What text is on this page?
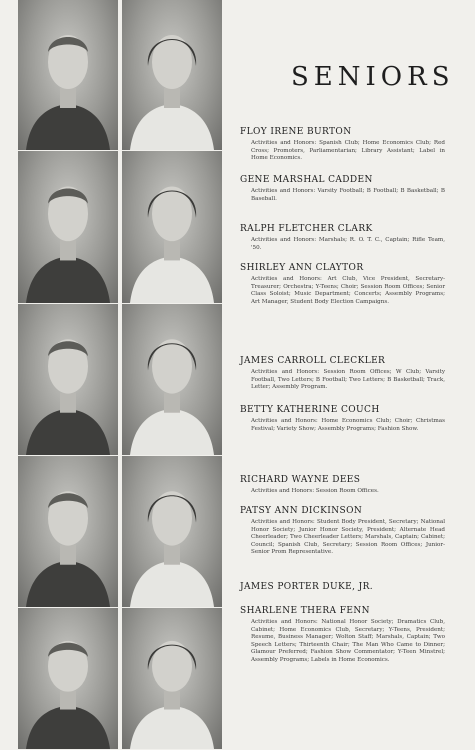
SENIORS

FLOY IRENE BURTON

Activities and Honors: Spanish Club; Home Economics Club; Red Cross; Promoters, Parliamentarian; Library Assistant; Label in Home Economics.

GENE MARSHAL CADDEN

Activities and Honors: Varsity Football; B Football; B Basketball; B Baseball.

RALPH FLETCHER CLARK

Activities and Honors: Marshals; R. O. T. C., Captain; Rifle Team, '50.

SHIRLEY ANN CLAYTOR

Activities and Honors: Art Club, Vice President, Secretary-Treasurer; Orchestra; Y-Teens; Choir; Session Room Offices; Senior Class Soloist; Music Department; Concerts; Assembly Programs; Art Manager, Student Body Election Campaigns.

JAMES CARROLL CLECKLER

Activities and Honors: Session Room Offices; W Club; Varsity Football, Two Letters; B Football; Two Letters; B Basketball; Track, Letter; Assembly Program.

BETTY KATHERINE COUCH

Activities and Honors: Home Economics Club; Choir; Christmas Festival; Variety Show; Assembly Programs; Fashion Show.

RICHARD WAYNE DEES

Activities and Honors: Session Room Offices.

PATSY ANN DICKINSON

Activities and Honors: Student Body President, Secretary; National Honor Society; Junior Honor Society, President; Alternate Head Cheerleader; Two Cheerleader Letters; Marshals, Captain; Cabinet; Council; Spanish Club, Secretary; Session Room Offices; Junior-Senior Prom Representative.

JAMES PORTER DUKE, JR.

SHARLENE THERA FENN

Activities and Honors: National Honor Society; Dramatics Club, Cabinet; Home Economics Club, Secretary; Y-Teens, President; Resume, Business Manager; Wolton Staff; Marshals, Captain; Two Speech Letters; Thirteenth Chair; The Man Who Came to Dinner; Glamour Preferred; Fashion Show Commentator; Y-Teen Minstrel; Assembly Programs; Labels in Home Economics.
